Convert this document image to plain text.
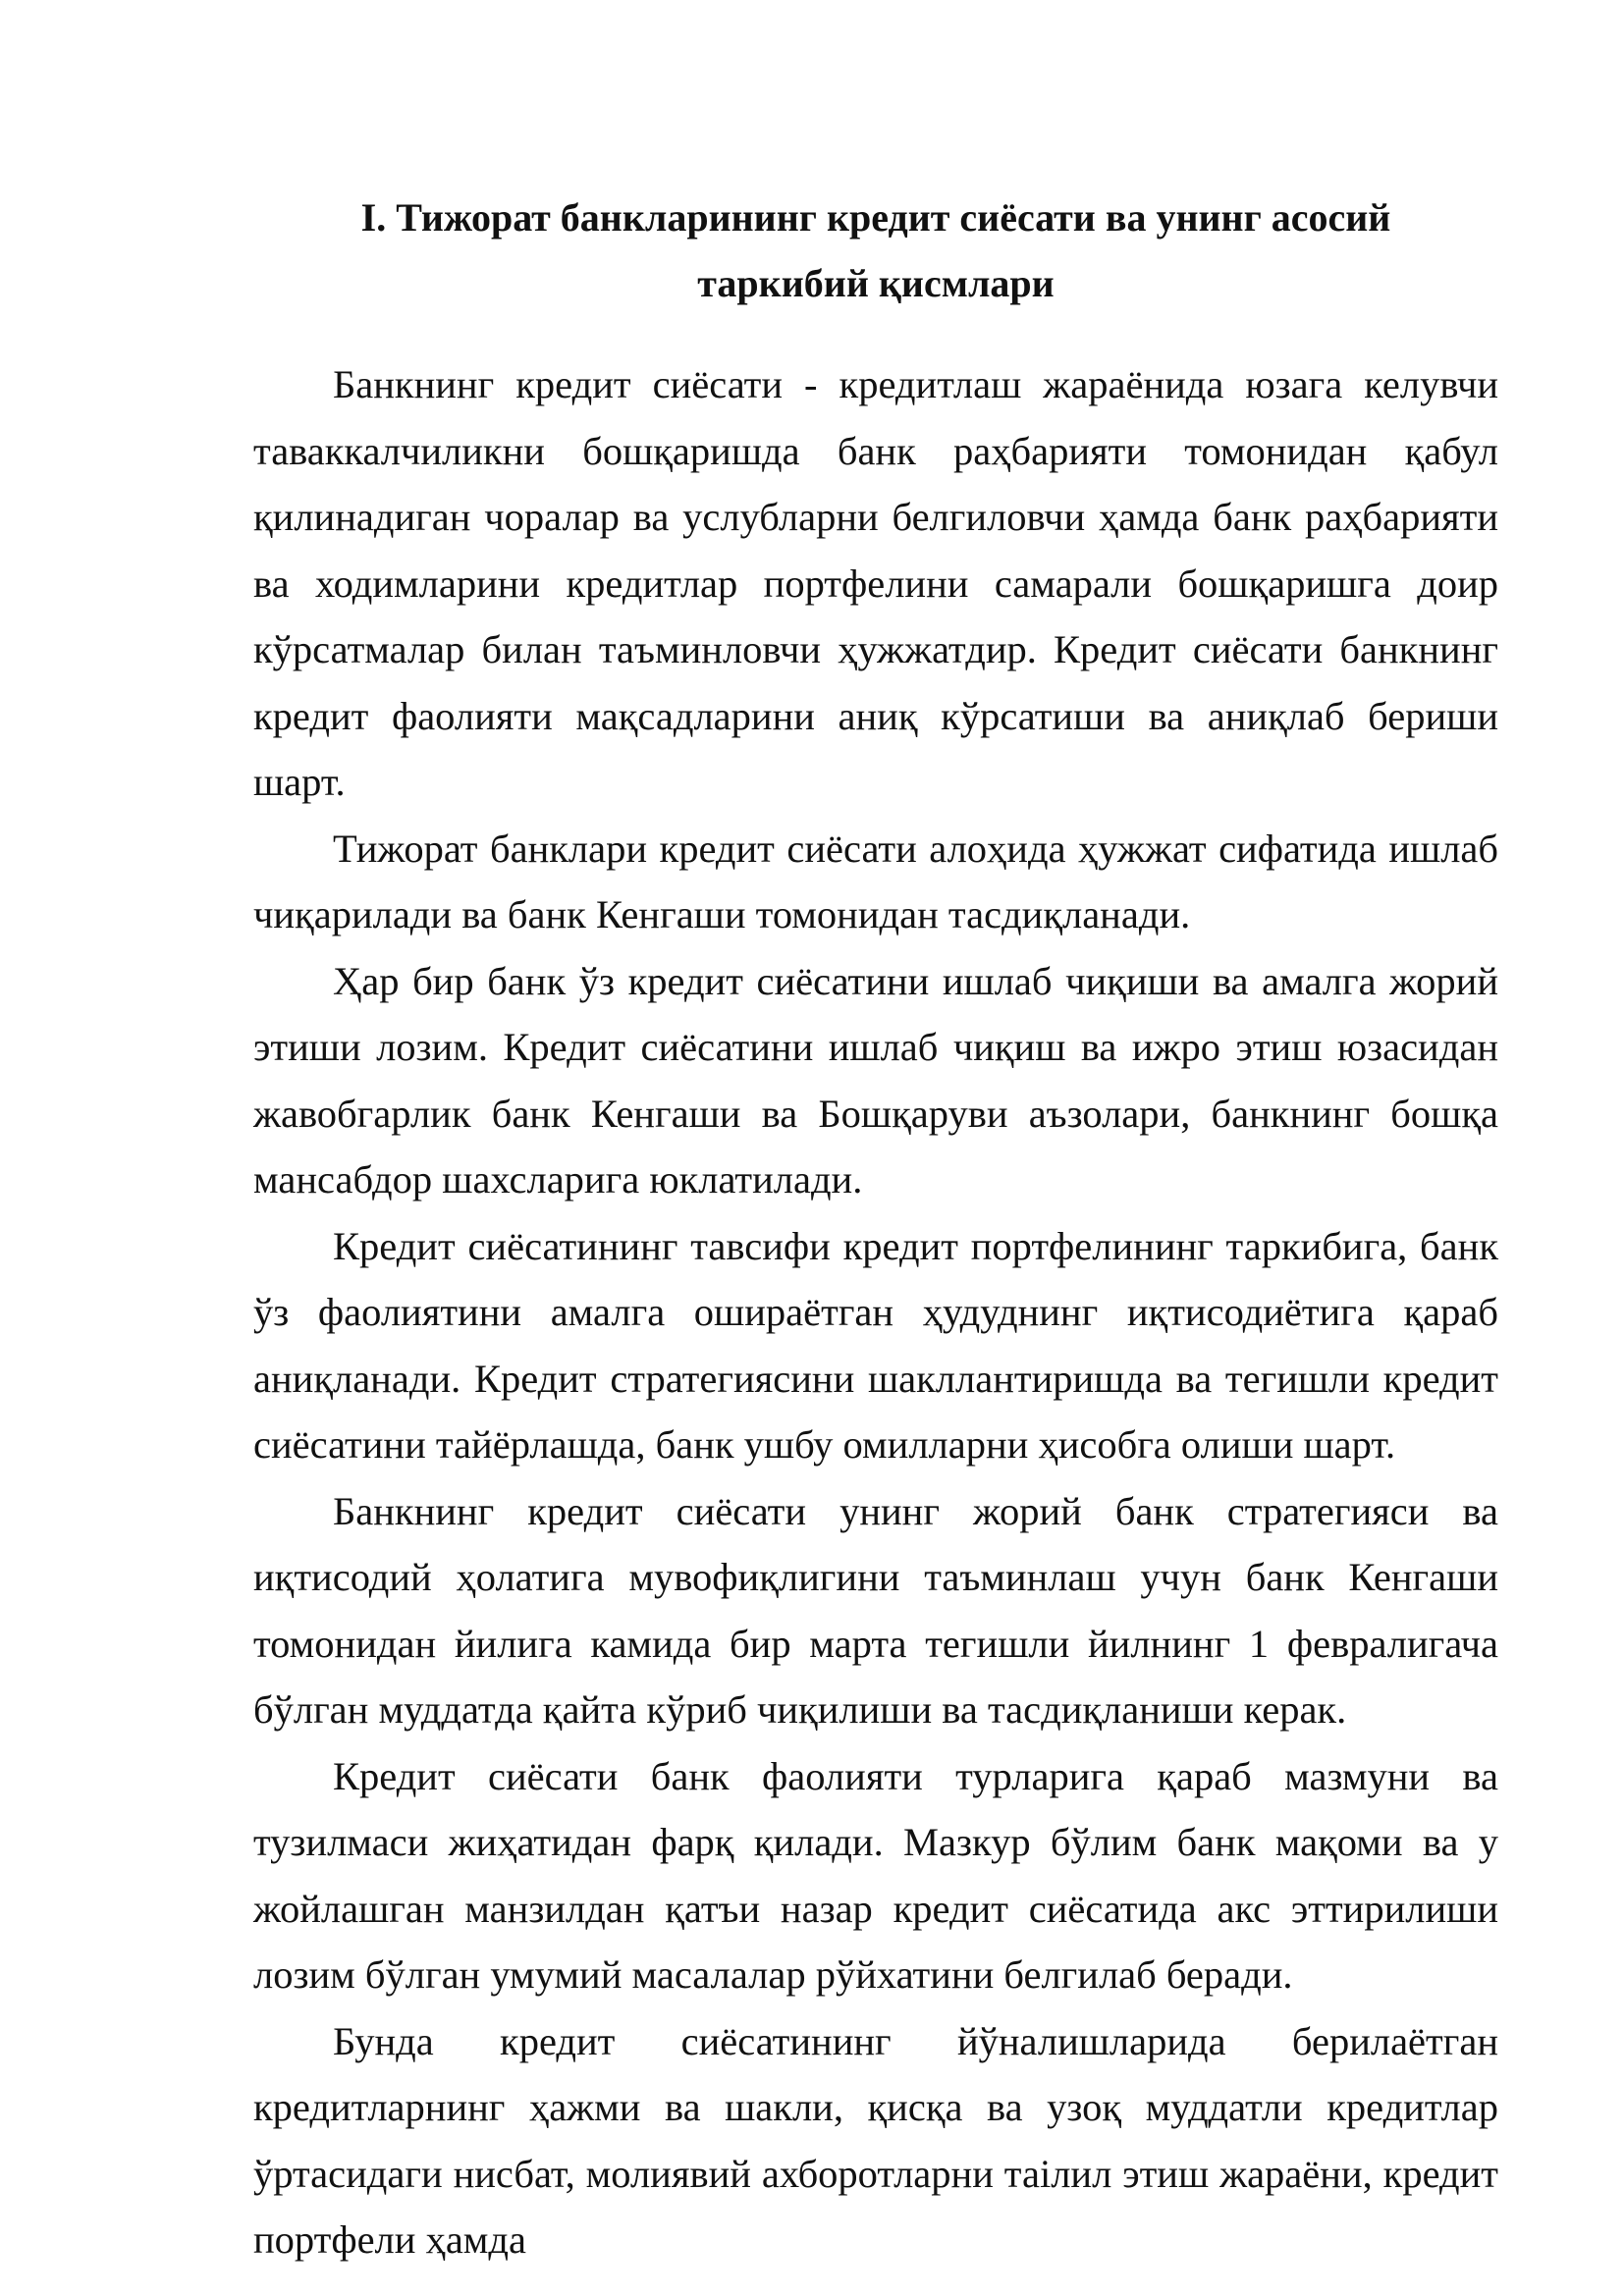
I. Тижорат банкларининг кредит сиёсати ва унинг асосий
таркибий қисмлари

Банкнинг кредит сиёсати - кредитлаш жараёнида юзага келувчи таваккалчиликни бошқаришда банк раҳбарияти томонидан қабул қилинадиган чоралар ва услубларни белгиловчи ҳамда банк раҳбарияти ва ходимларини кредитлар портфелини самарали бошқаришга доир кўрсатмалар билан таъминловчи ҳужжатдир. Кредит сиёсати банкнинг кредит фаолияти мақсадларини аниқ кўрсатиши ва аниқлаб бериши шарт.

Тижорат банклари кредит сиёсати алоҳида ҳужжат сифатида ишлаб чиқарилади ва банк Кенгаши томонидан тасдиқланади.

Ҳар бир банк ўз кредит сиёсатини ишлаб чиқиши ва амалга жорий этиши лозим. Кредит сиёсатини ишлаб чиқиш ва ижро этиш юзасидан жавобгарлик банк Кенгаши ва Бошқаруви аъзолари, банкнинг бошқа мансабдор шахсларига юклатилади.

Кредит сиёсатининг тавсифи кредит портфелининг таркибига, банк ўз фаолиятини амалга ошираётган ҳудуднинг иқтисодиётига қараб аниқланади. Кредит стратегиясини шакллантиришда ва тегишли кредит сиёсатини тайёрлашда, банк ушбу омилларни ҳисобга олиши шарт.

Банкнинг кредит сиёсати унинг жорий банк стратегияси ва иқтисодий ҳолатига мувофиқлигини таъминлаш учун банк Кенгаши томонидан йилига камида бир марта тегишли йилнинг 1 февралигача бўлган муддатда қайта кўриб чиқилиши ва тасдиқланиши керак.

Кредит сиёсати банк фаолияти турларига қараб мазмуни ва тузилмаси жиҳатидан фарқ қилади. Мазкур бўлим банк мақоми ва у жойлашган манзилдан қатъи назар кредит сиёсатида акс эттирилиши лозим бўлган умумий масалалар рўйхатини белгилаб беради.

Бунда кредит сиёсатининг йўналишларида берилаётган кредитларнинг ҳажми ва шакли, қисқа ва узоқ муддатли кредитлар ўртасидаги нисбат, молиявий ахборотларни таілил этиш жараёни, кредит портфели ҳамда
